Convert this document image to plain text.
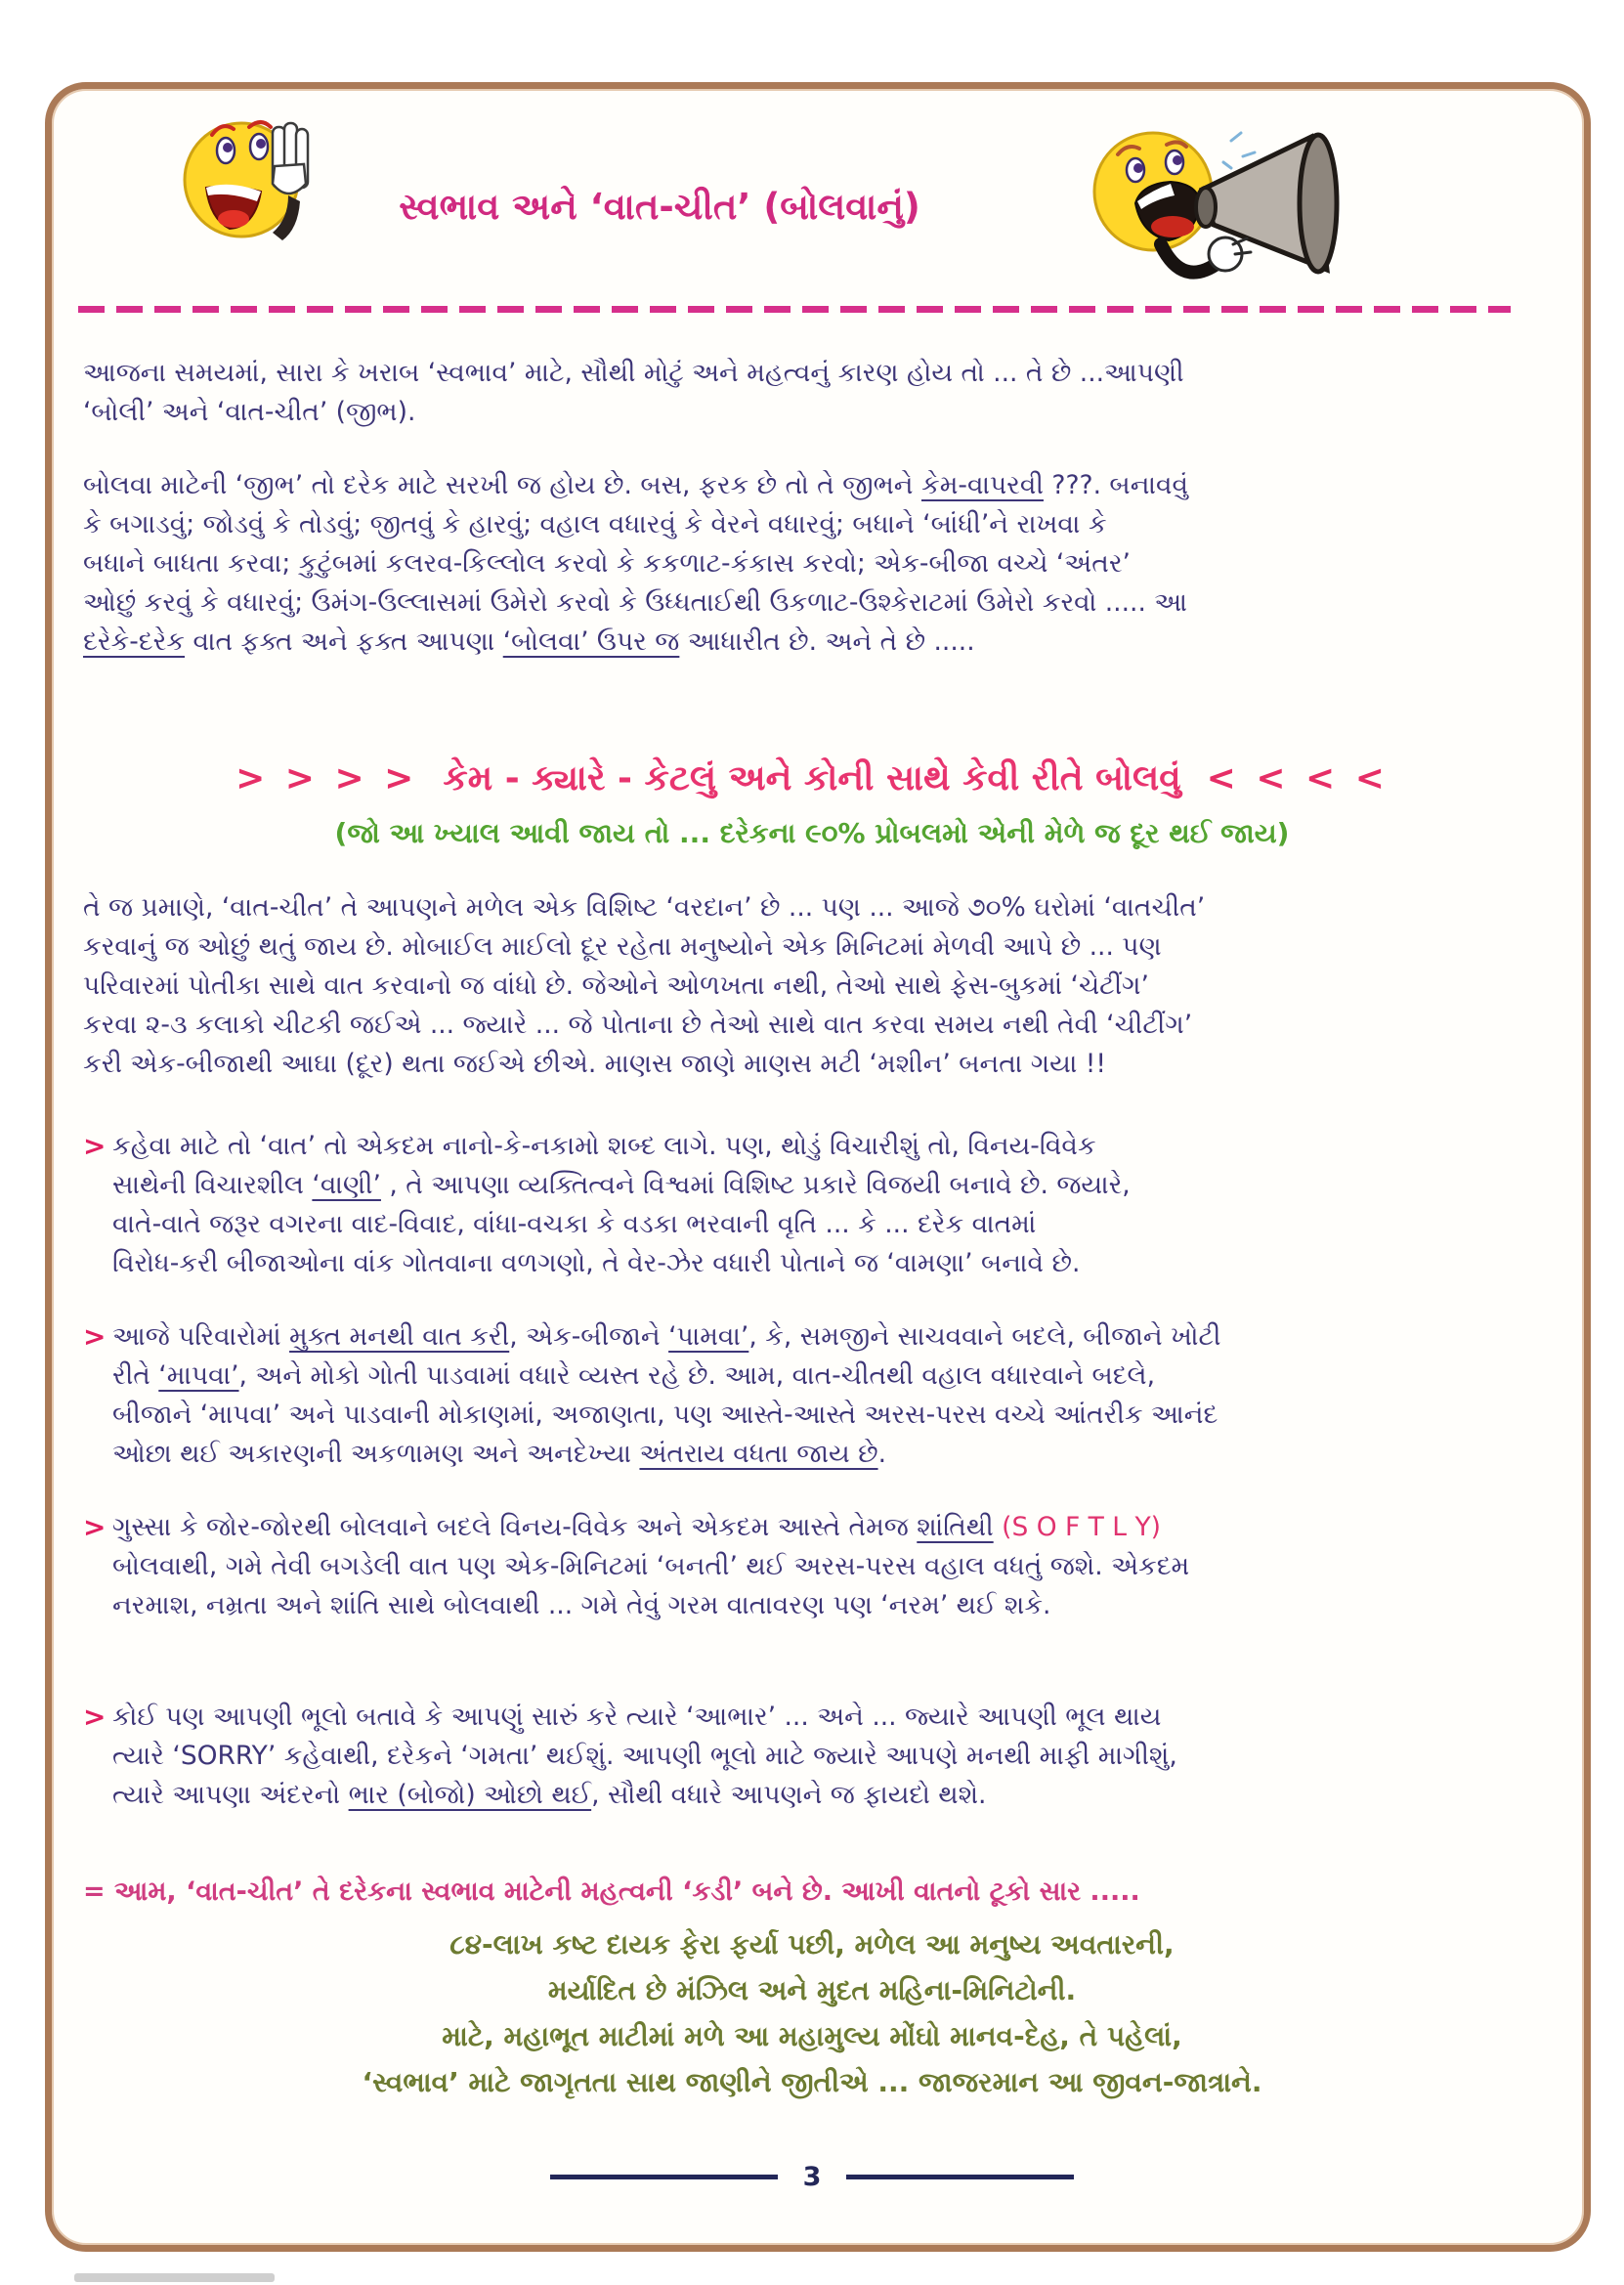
સ્વભાવ અને ‘વાત-ચીત’ (બોલવાનું)
આજના સમયમાં, સારા કે ખરાબ ‘સ્વભાવ’ માટે, સૌથી મોટું અને મહત્વનું કારણ હોય તો ... તે છે ...આપણી
‘બોલી’ અને ‘વાત-ચીત’ (જીભ).
બોલવા માટેની ‘જીભ’ તો દરેક માટે સરખી જ હોય છે. બસ, ફરક છે તો તે જીભને કેમ-વાપરવી ???. બનાવવું
કે બગાડવું; જોડવું કે તોડવું; જીતવું કે હારવું; વહાલ વધારવું કે વેરને વધારવું; બધાને ‘બાંધી’ને રાખવા કે
બધાને બાધતા કરવા; કુટુંબમાં કલરવ-કિલ્લોલ કરવો કે કકળાટ-કંકાસ કરવો; એક-બીજા વચ્ચે ‘અંતર’
ઓછું કરવું કે વધારવું; ઉમંગ-ઉલ્લાસમાં ઉમેરો કરવો કે ઉધ્ધતાઈથી ઉકળાટ-ઉશ્કેરાટમાં ઉમેરો કરવો ..... આ
દરેકે-દરેક વાત ફક્ત અને ફક્ત આપણા ‘બોલવા’ ઉપર જ આધારીત છે. અને તે છે .....
> > > > કેમ - ક્યારે - કેટલું અને કોની સાથે કેવી રીતે બોલવું < < < <
(જો આ ખ્યાલ આવી જાય તો ... દરેકના ૯૦% પ્રોબલમો એની મેળે જ દૂર થઈ જાય)
તે જ પ્રમાણે, ‘વાત-ચીત’ તે આપણને મળેલ એક વિશિષ્ટ ‘વરદાન’ છે ... પણ ... આજે ૭૦% ઘરોમાં ‘વાતચીત’
કરવાનું જ ઓછું થતું જાય છે. મોબાઈલ માઈલો દૂર રહેતા મનુષ્યોને એક મિનિટમાં મેળવી આપે છે ... પણ
પરિવારમાં પોતીકા સાથે વાત કરવાનો જ વાંધો છે. જેઓને ઓળખતા નથી, તેઓ સાથે ફેસ-બુકમાં ‘ચેટીંગ’
કરવા ૨-૩ કલાકો ચીટકી જઈએ ... જ્યારે ... જે પોતાના છે તેઓ સાથે વાત કરવા સમય નથી તેવી ‘ચીટીંગ’
કરી એક-બીજાથી આઘા (દૂર) થતા જઈએ છીએ. માણસ જાણે માણસ મટી ‘મશીન’ બનતા ગયા !!
> કહેવા માટે તો ‘વાત’ તો એકદમ નાનો-કે-નકામો શબ્દ લાગે. પણ, થોડું વિચારીશું તો, વિનય-વિવેક
સાથેની વિચારશીલ ‘વાણી’ , તે આપણા વ્યક્તિત્વને વિશ્વમાં વિશિષ્ટ પ્રકારે વિજયી બનાવે છે. જયારે,
વાતે-વાતે જરૂર વગરના વાદ-વિવાદ, વાંધા-વચકા કે વડકા ભરવાની વૃતિ ... કે ... દરેક વાતમાં
વિરોધ-કરી બીજાઓના વાંક ગોતવાના વળગણો, તે વેર-ઝેર વધારી પોતાને જ ‘વામણા’ બનાવે છે.
> આજે પરિવારોમાં મુક્ત મનથી વાત કરી, એક-બીજાને ‘પામવા’, કે, સમજીને સાચવવાને બદલે, બીજાને ખોટી
રીતે ‘માપવા’, અને મોકો ગોતી પાડવામાં વધારે વ્યસ્ત રહે છે. આમ, વાત-ચીતથી વહાલ વધારવાને બદલે,
બીજાને ‘માપવા’ અને પાડવાની મોકાણમાં, અજાણતા, પણ આસ્તે-આસ્તે અરસ-પરસ વચ્ચે આંતરીક આનંદ
ઓછા થઈ અકારણની અકળામણ અને અનદેખ્યા અંતરાય વધતા જાય છે.
> ગુસ્સા કે જોર-જોરથી બોલવાને બદલે વિનય-વિવેક અને એકદમ આસ્તે તેમજ શાંતિથી (S O F T L Y)
બોલવાથી, ગમે તેવી બગડેલી વાત પણ એક-મિનિટમાં ‘બનતી’ થઈ અરસ-પરસ વહાલ વધતું જશે. એકદમ
નરમાશ, નમ્રતા અને શાંતિ સાથે બોલવાથી ... ગમે તેવું ગરમ વાતાવરણ પણ ‘નરમ’ થઈ શકે.
> કોઈ પણ આપણી ભૂલો બતાવે કે આપણું સારું કરે ત્યારે ‘આભાર’ ... અને ... જ્યારે આપણી ભૂલ થાય
ત્યારે ‘SORRY’ કહેવાથી, દરેકને ‘ગમતા’ થઈશું. આપણી ભૂલો માટે જ્યારે આપણે મનથી માફી માગીશું,
ત્યારે આપણા અંદરનો ભાર (બોજો) ઓછો થઈ, સૌથી વધારે આપણને જ ફાયદો થશે.
= આમ, ‘વાત-ચીત’ તે દરેકના સ્વભાવ માટેની મહત્વની ‘કડી’ બને છે. આખી વાતનો ટૂકો સાર .....
૮૪-લાખ કષ્ટ દાયક ફેરા ફર્યા પછી, મળેલ આ મનુષ્ય અવતારની,
મર્યાદિત છે મંઝિલ અને મુદત મહિના-મિનિટોની.
માટે, મહાભૂત માટીમાં મળે આ મહામુલ્ય મોંઘો માનવ-દેહ, તે પહેલાં,
‘સ્વભાવ’ માટે જાગૃતતા સાથ જાણીને જીતીએ ... જાજરમાન આ જીવન-જાત્રાને.
3
